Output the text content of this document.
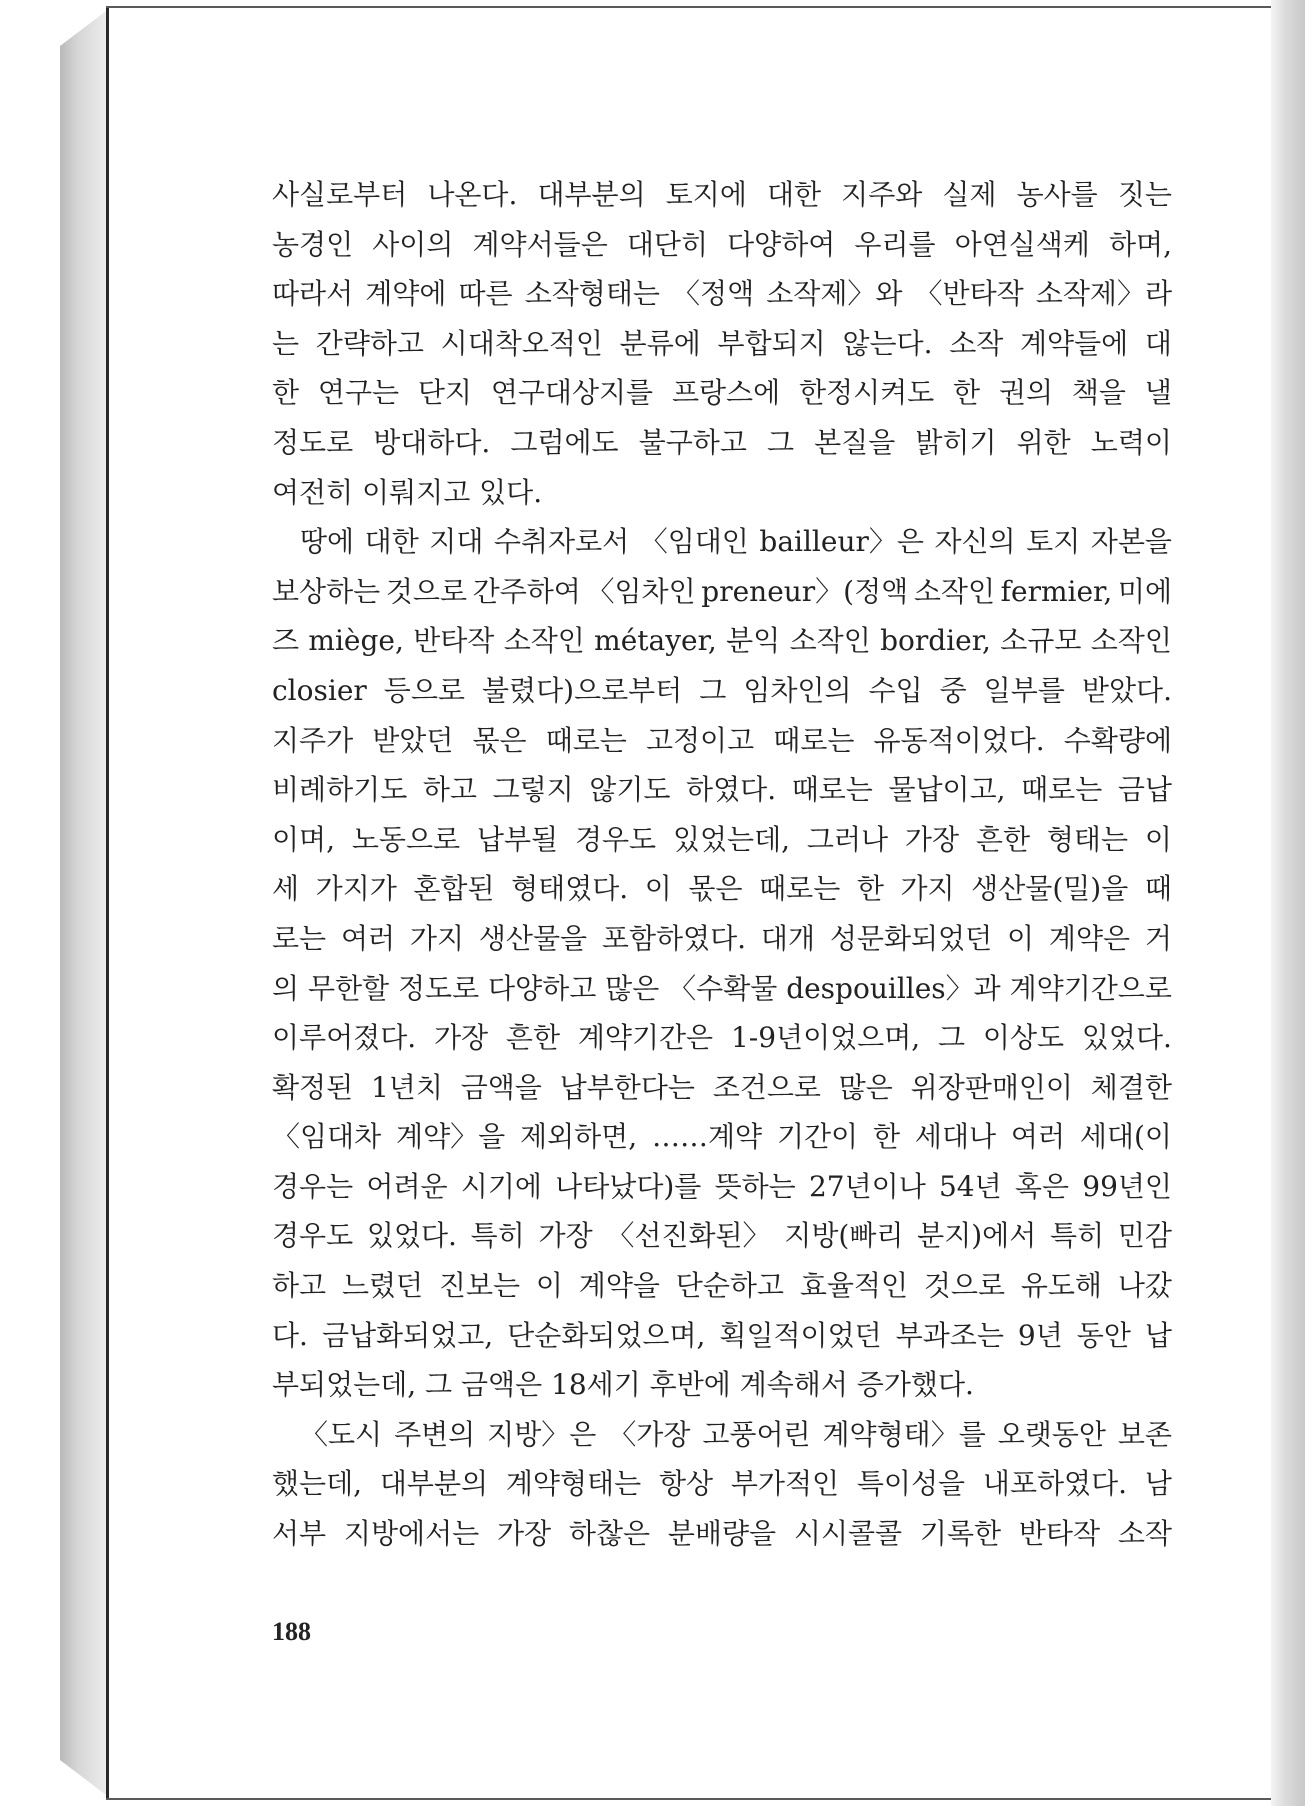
사실로부터 나온다. 대부분의 토지에 대한 지주와 실제 농사를 짓는
농경인 사이의 계약서들은 대단히 다양하여 우리를 아연실색케 하며,
따라서 계약에 따른 소작형태는 〈정액 소작제〉와 〈반타작 소작제〉라
는 간략하고 시대착오적인 분류에 부합되지 않는다. 소작 계약들에 대
한 연구는 단지 연구대상지를 프랑스에 한정시켜도 한 권의 책을 낼
정도로 방대하다. 그럼에도 불구하고 그 본질을 밝히기 위한 노력이
여전히 이뤄지고 있다.
땅에 대한 지대 수취자로서 〈임대인 bailleur〉은 자신의 토지 자본을
보상하는 것으로 간주하여 〈임차인 preneur〉(정액 소작인 fermier, 미에
즈 miège, 반타작 소작인 métayer, 분익 소작인 bordier, 소규모 소작인
closier 등으로 불렸다)으로부터 그 임차인의 수입 중 일부를 받았다.
지주가 받았던 몫은 때로는 고정이고 때로는 유동적이었다. 수확량에
비례하기도 하고 그렇지 않기도 하였다. 때로는 물납이고, 때로는 금납
이며, 노동으로 납부될 경우도 있었는데, 그러나 가장 흔한 형태는 이
세 가지가 혼합된 형태였다. 이 몫은 때로는 한 가지 생산물(밀)을 때
로는 여러 가지 생산물을 포함하였다. 대개 성문화되었던 이 계약은 거
의 무한할 정도로 다양하고 많은 〈수확물 despouilles〉과 계약기간으로
이루어졌다. 가장 흔한 계약기간은 1-9년이었으며, 그 이상도 있었다.
확정된 1년치 금액을 납부한다는 조건으로 많은 위장판매인이 체결한
〈임대차 계약〉을 제외하면, ……계약 기간이 한 세대나 여러 세대(이
경우는 어려운 시기에 나타났다)를 뜻하는 27년이나 54년 혹은 99년인
경우도 있었다. 특히 가장 〈선진화된〉 지방(빠리 분지)에서 특히 민감
하고 느렸던 진보는 이 계약을 단순하고 효율적인 것으로 유도해 나갔
다. 금납화되었고, 단순화되었으며, 획일적이었던 부과조는 9년 동안 납
부되었는데, 그 금액은 18세기 후반에 계속해서 증가했다.
〈도시 주변의 지방〉은 〈가장 고풍어린 계약형태〉를 오랫동안 보존
했는데, 대부분의 계약형태는 항상 부가적인 특이성을 내포하였다. 남
서부 지방에서는 가장 하찮은 분배량을 시시콜콜 기록한 반타작 소작
188
